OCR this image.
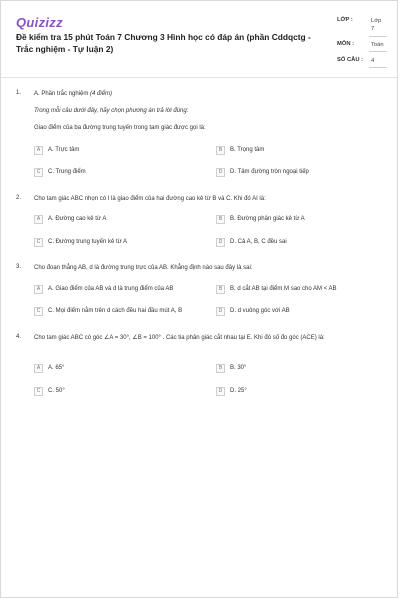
Quizizz
Đề kiểm tra 15 phút Toán 7 Chương 3 Hình học có đáp án (phần Cddqctg - Trắc nghiệm - Tự luận 2)
LỚP :	Lớp 7
MÔN :	Toán
SỐ CÂU : 4
1. A. Phần trắc nghiệm (4 điểm)
Trong mỗi câu dưới đây, hãy chọn phương án trả lời đúng:
Giao điểm của ba đường trung tuyến trong tam giác được gọi là:
A	A. Trực tâm	B	B. Trọng tâm
C	C. Trung điểm	D	D. Tâm đường tròn ngoại tiếp
2. Cho tam giác ABC nhọn có I là giao điểm của hai đường cao kẻ từ B và C. Khi đó AI là:
A	A. Đường cao kẻ từ A	B	B. Đường phân giác kẻ từ A
C	C. Đường trung tuyến kẻ từ A	D	D. Cả A, B, C đều sai
3. Cho đoạn thẳng AB, d là đường trung trực của AB. Khẳng định nào sau đây là sai:
A	A. Giao điểm của AB và d là trung điểm của AB	B	B. d cắt AB tại điểm M sao cho AM < AB
C	C. Mọi điểm nằm trên d cách đều hai đầu mút A, B	D	D. d vuông góc với AB
4. Cho tam giác ABC có góc ∠A = 30°, ∠B = 100° . Các tia phân giác cắt nhau tại E. Khi đó số đo góc (ACE) là:
A	A. 65°	B	B. 30°
C	C. 50°	D	D. 25°
